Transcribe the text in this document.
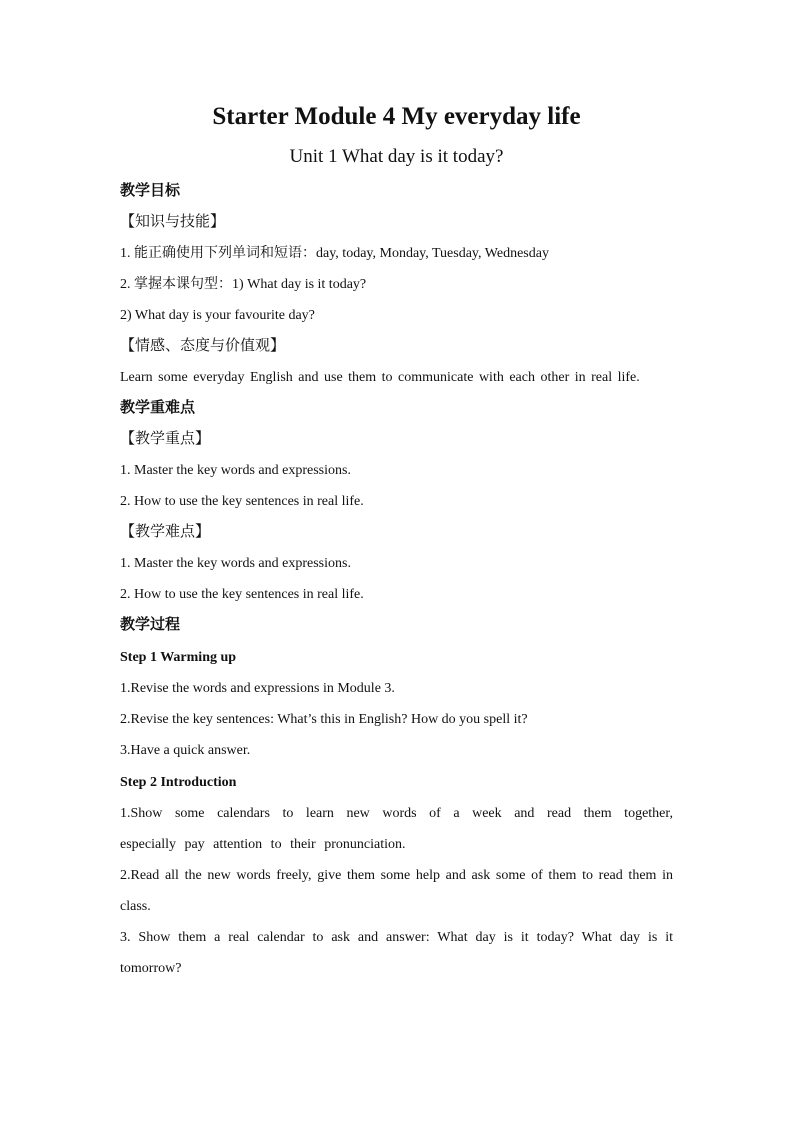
Starter Module 4 My everyday life

Unit 1 What day is it today?

教学目标

【知识与技能】

1. 能正确使用下列单词和短语：day, today, Monday, Tuesday, Wednesday

2. 掌握本课句型：1) What day is it today?

2) What day is your favourite day?

【情感、态度与价值观】

Learn some everyday English and use them to communicate with each other in real life.

教学重难点

【教学重点】

1. Master the key words and expressions.

2. How to use the key sentences in real life.

【教学难点】

1. Master the key words and expressions.

2. How to use the key sentences in real life.

教学过程

Step 1 Warming up

1.Revise the words and expressions in Module 3.

2.Revise the key sentences: What’s this in English? How do you spell it?

3.Have a quick answer.

Step 2 Introduction

1.Show some calendars to learn new words of a week and read them together, especially pay attention to their pronunciation.

2.Read all the new words freely, give them some help and ask some of them to read them in class.

3. Show them a real calendar to ask and answer: What day is it today? What day is it tomorrow?
